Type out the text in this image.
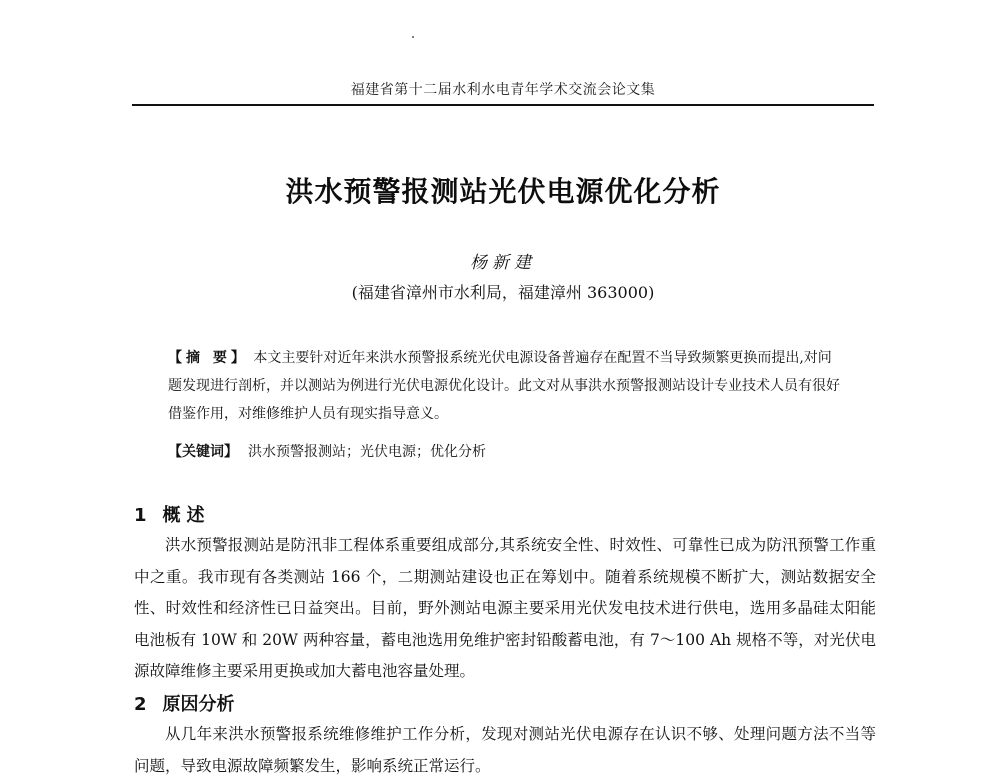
福建省第十二届水利水电青年学术交流会论文集
洪水预警报测站光伏电源优化分析
杨新建
(福建省漳州市水利局，福建漳州 363000)
【摘 要】 本文主要针对近年来洪水预警报系统光伏电源设备普遍存在配置不当导致频繁更换而提出,对问题发现进行剖析，并以测站为例进行光伏电源优化设计。此文对从事洪水预警报测站设计专业技术人员有很好借鉴作用，对维修维护人员有现实指导意义。
【关键词】 洪水预警报测站；光伏电源；优化分析
1 概述

洪水预警报测站是防汛非工程体系重要组成部分,其系统安全性、时效性、可靠性已成为防汛预警工作重中之重。我市现有各类测站 166 个，二期测站建设也正在筹划中。随着系统规模不断扩大，测站数据安全性、时效性和经济性已日益突出。目前，野外测站电源主要采用光伏发电技术进行供电，选用多晶硅太阳能电池板有 10W 和 20W 两种容量，蓄电池选用免维护密封铅酸蓄电池，有 7～100 Ah 规格不等，对光伏电源故障维修主要采用更换或加大蓄电池容量处理。

2 原因分析

从几年来洪水预警报系统维修维护工作分析，发现对测站光伏电源存在认识不够、处理问题方法不当等问题，导致电源故障频繁发生，影响系统正常运行。
